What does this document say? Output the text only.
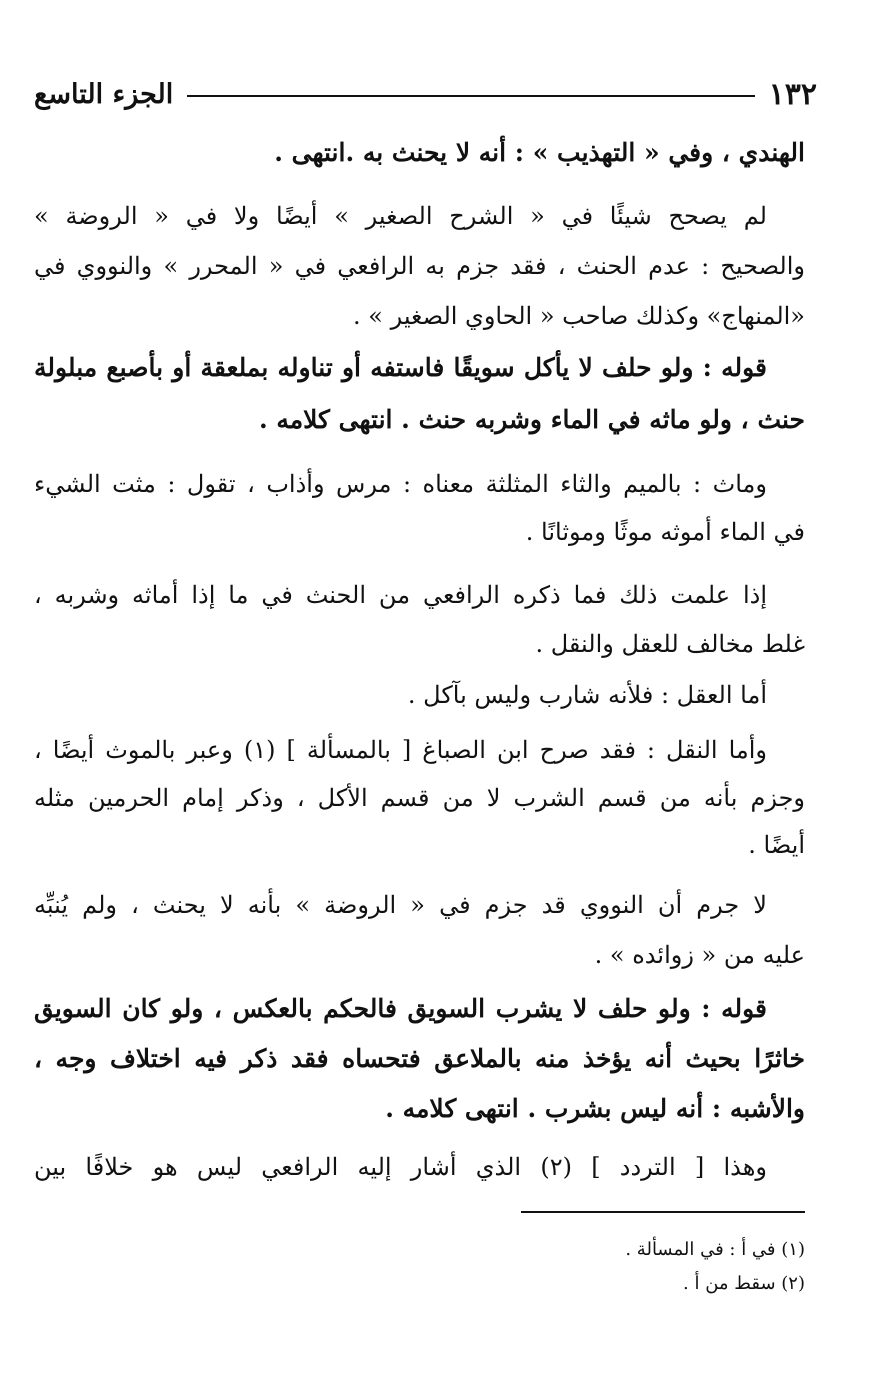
١٣٢
الجزء التاسع
الهندي ، وفي « التهذيب » : أنه لا يحنث به .انتهى .
لم يصحح شيئًا في « الشرح الصغير » أيضًا ولا في « الروضة »
والصحيح : عدم الحنث ، فقد جزم به الرافعي في « المحرر » والنووي في
«المنهاج» وكذلك صاحب « الحاوي الصغير » .
قوله : ولو حلف لا يأكل سويقًا فاستفه أو تناوله بملعقة أو بأصبع مبلولة
حنث ، ولو ماثه في الماء وشربه حنث . انتهى كلامه .
وماث : بالميم والثاء المثلثة معناه : مرس وأذاب ، تقول : مثت الشيء
في الماء أموثه موثًا وموثانًا .
إذا علمت ذلك فما ذكره الرافعي من الحنث في ما إذا أماثه وشربه ،
غلط مخالف للعقل والنقل .
أما العقل : فلأنه شارب وليس بآكل .
وأما النقل : فقد صرح ابن الصباغ [ بالمسألة ] (١) وعبر بالموث أيضًا ،
وجزم بأنه من قسم الشرب لا من قسم الأكل ، وذكر إمام الحرمين مثله
أيضًا .
لا جرم أن النووي قد جزم في « الروضة » بأنه لا يحنث ، ولم يُنبِّه
عليه من « زوائده » .
قوله : ولو حلف لا يشرب السويق فالحكم بالعكس ، ولو كان السويق
خاثرًا بحيث أنه يؤخذ منه بالملاعق فتحساه فقد ذكر فيه اختلاف وجه ،
والأشبه : أنه ليس بشرب . انتهى كلامه .
وهذا [ التردد ] (٢) الذي أشار إليه الرافعي ليس هو خلافًا بين
(١) في أ : في المسألة .
(٢) سقط من أ .
